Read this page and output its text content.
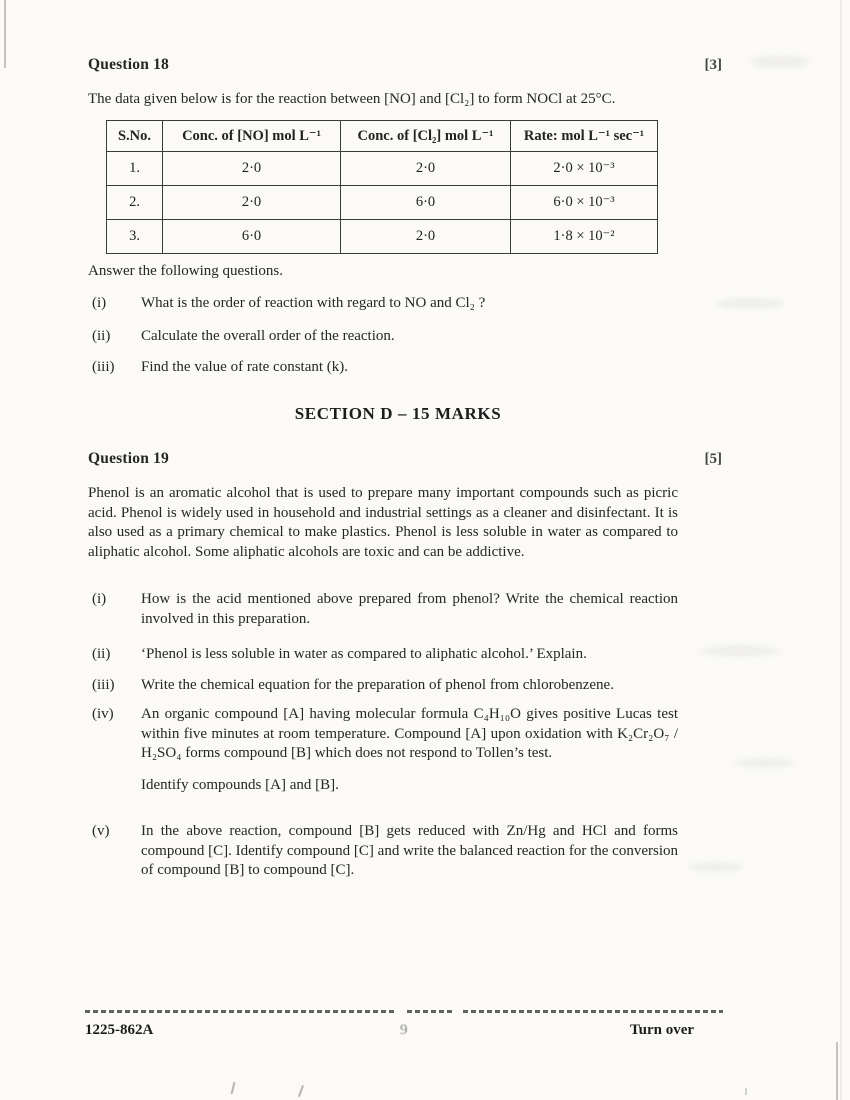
Question 18	[3]

The data given below is for the reaction between [NO] and [Cl₂] to form NOCl at 25°C.

S.No.	Conc. of [NO] mol L⁻¹	Conc. of [Cl₂] mol L⁻¹	Rate: mol L⁻¹ sec⁻¹
1.	2·0	2·0	2·0 × 10⁻³
2.	2·0	6·0	6·0 × 10⁻³
3.	6·0	2·0	1·8 × 10⁻²

Answer the following questions.

(i)	What is the order of reaction with regard to NO and Cl₂ ?
(ii)	Calculate the overall order of the reaction.
(iii)	Find the value of rate constant (k).
SECTION D – 15 MARKS
Question 19	[5]

Phenol is an aromatic alcohol that is used to prepare many important compounds such as picric acid. Phenol is widely used in household and industrial settings as a cleaner and disinfectant. It is also used as a primary chemical to make plastics. Phenol is less soluble in water as compared to aliphatic alcohol. Some aliphatic alcohols are toxic and can be addictive.

(i)	How is the acid mentioned above prepared from phenol? Write the chemical reaction involved in this preparation.

(ii)	‘Phenol is less soluble in water as compared to aliphatic alcohol.’ Explain.

(iii)	Write the chemical equation for the preparation of phenol from chlorobenzene.

(iv)	An organic compound [A] having molecular formula C₄H₁₀O gives positive Lucas test within five minutes at room temperature. Compound [A] upon oxidation with K₂Cr₂O₇ / H₂SO₄ forms compound [B] which does not respond to Tollen’s test.

Identify compounds [A] and [B].

(v)	In the above reaction, compound [B] gets reduced with Zn/Hg and HCl and forms compound [C]. Identify compound [C] and write the balanced reaction for the conversion of compound [B] to compound [C].

1225-862A	9	Turn over
